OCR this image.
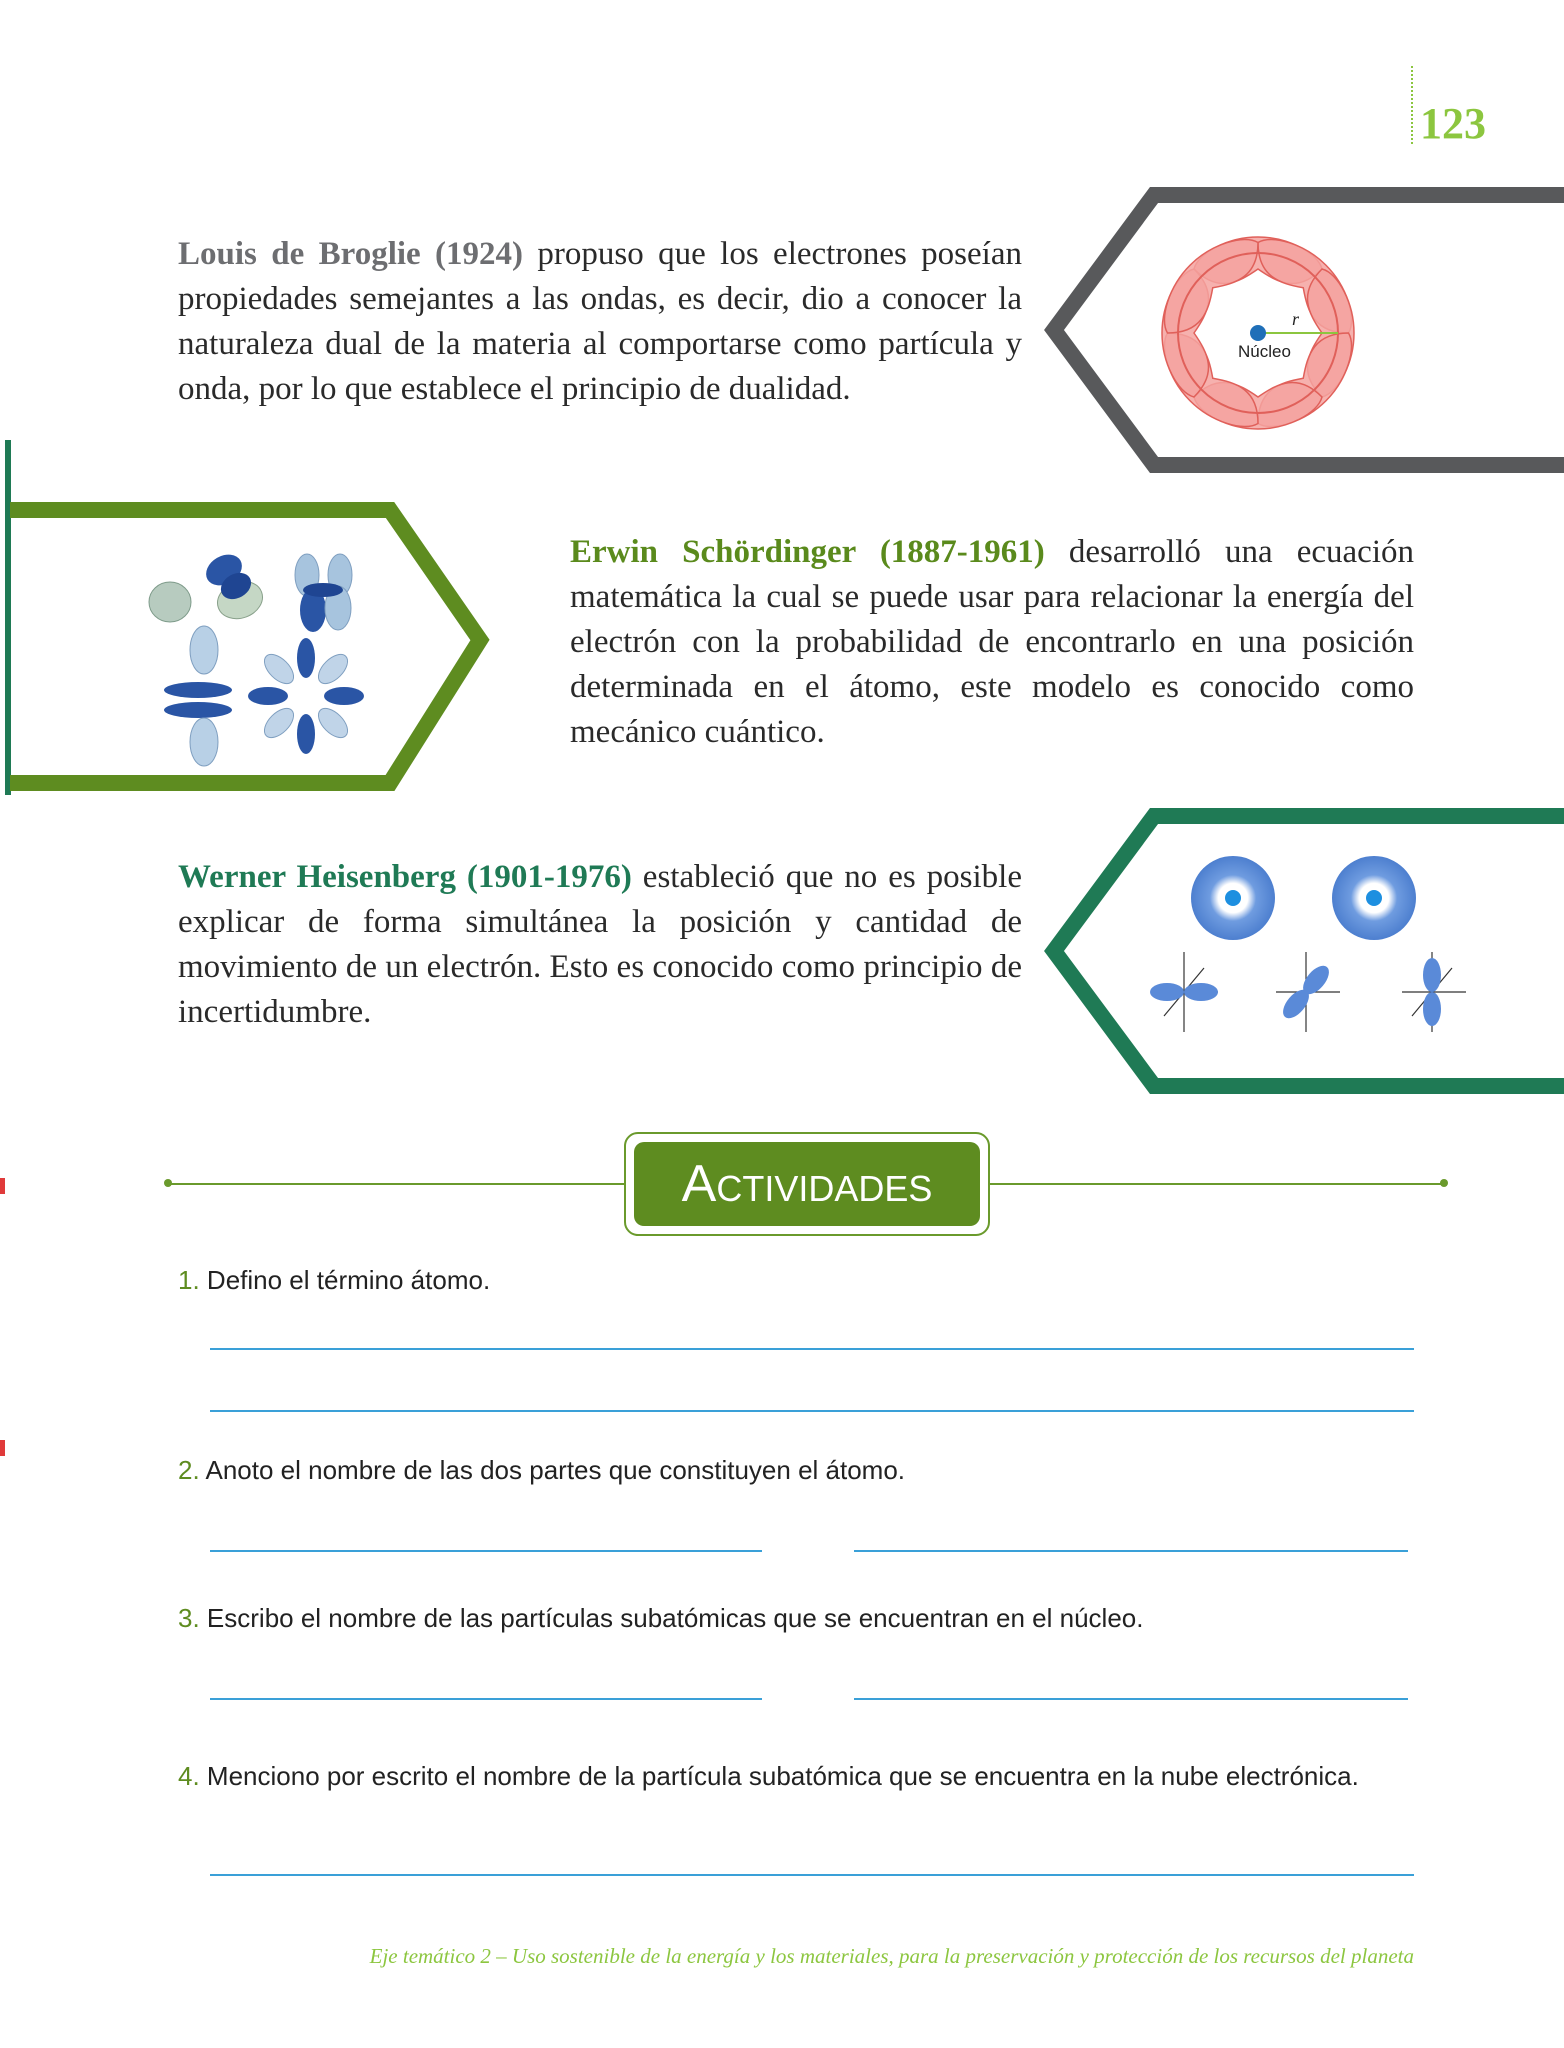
123

Louis de Broglie (1924) propuso que los electrones poseían propiedades semejantes a las ondas, es decir, dio a conocer la naturaleza dual de la materia al comportarse como partícula y onda, por lo que establece el principio de dualidad.

Núcleo
r

Erwin Schördinger (1887-1961) desarrolló una ecuación matemática la cual se puede usar para relacionar la energía del electrón con la probabilidad de encontrarlo en una posición determinada en el átomo, este modelo es conocido como mecánico cuántico.

Werner Heisenberg (1901-1976) estableció que no es posible explicar de forma simultánea la posición y cantidad de movimiento de un electrón. Esto es conocido como principio de incertidumbre.

Actividades
1. Defino el término átomo.
2. Anoto el nombre de las dos partes que constituyen el átomo.
3. Escribo el nombre de las partículas subatómicas que se encuentran en el núcleo.
4. Menciono por escrito el nombre de la partícula subatómica que se encuentra en la nube electrónica.
Eje temático 2 – Uso sostenible de la energía y los materiales, para la preservación y protección de los recursos del planeta
